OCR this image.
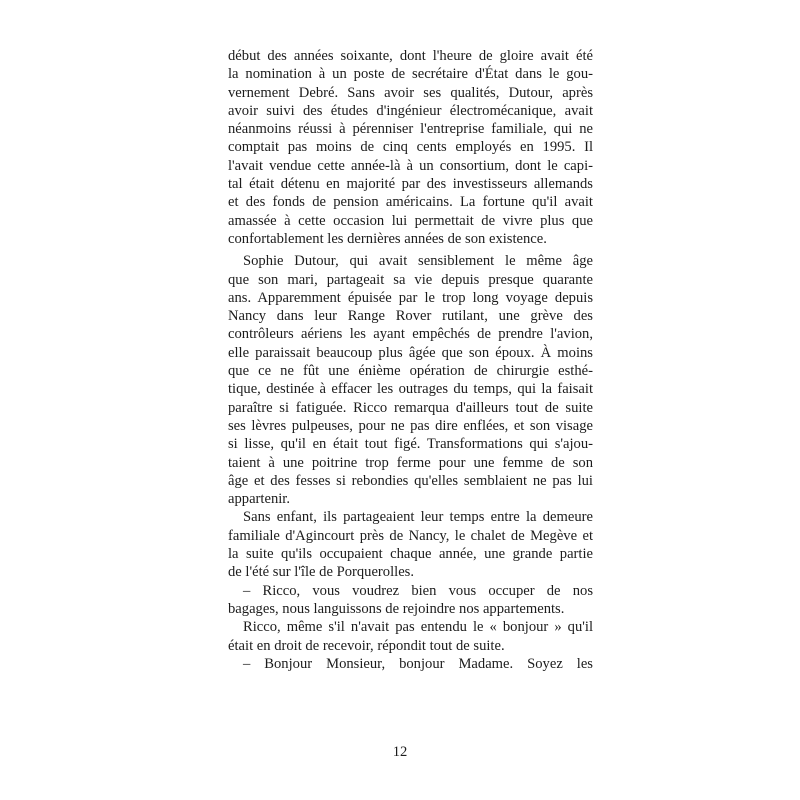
début des années soixante, dont l'heure de gloire avait été
la nomination à un poste de secrétaire d'État dans le gou-
vernement Debré. Sans avoir ses qualités, Dutour, après
avoir suivi des études d'ingénieur électromécanique, avait
néanmoins réussi à pérenniser l'entreprise familiale, qui ne
comptait pas moins de cinq cents employés en 1995. Il
l'avait vendue cette année-là à un consortium, dont le capi-
tal était détenu en majorité par des investisseurs allemands
et des fonds de pension américains. La fortune qu'il avait
amassée à cette occasion lui permettait de vivre plus que
confortablement les dernières années de son existence.
Sophie Dutour, qui avait sensiblement le même âge
que son mari, partageait sa vie depuis presque quarante
ans. Apparemment épuisée par le trop long voyage depuis
Nancy dans leur Range Rover rutilant, une grève des
contrôleurs aériens les ayant empêchés de prendre l'avion,
elle paraissait beaucoup plus âgée que son époux. À moins
que ce ne fût une énième opération de chirurgie esthé-
tique, destinée à effacer les outrages du temps, qui la faisait
paraître si fatiguée. Ricco remarqua d'ailleurs tout de suite
ses lèvres pulpeuses, pour ne pas dire enflées, et son visage
si lisse, qu'il en était tout figé. Transformations qui s'ajou-
taient à une poitrine trop ferme pour une femme de son
âge et des fesses si rebondies qu'elles semblaient ne pas lui
appartenir.
Sans enfant, ils partageaient leur temps entre la demeure
familiale d'Agincourt près de Nancy, le chalet de Megève et
la suite qu'ils occupaient chaque année, une grande partie
de l'été sur l'île de Porquerolles.
– Ricco, vous voudrez bien vous occuper de nos
bagages, nous languissons de rejoindre nos appartements.
Ricco, même s'il n'avait pas entendu le « bonjour » qu'il
était en droit de recevoir, répondit tout de suite.
– Bonjour Monsieur, bonjour Madame. Soyez les
12
